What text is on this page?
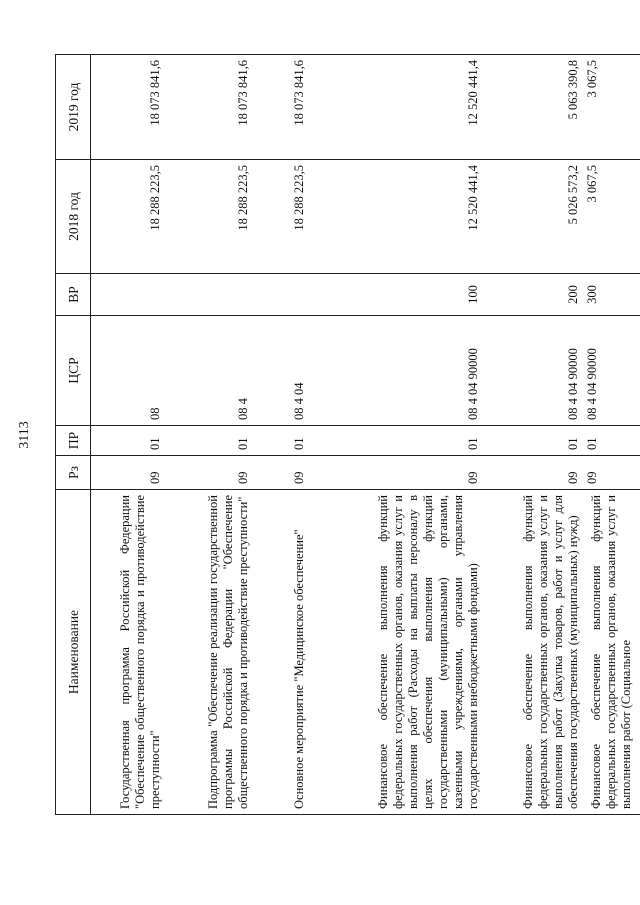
3113
Наименование	Рз	ПР	ЦСР	ВР	2018 год	2019 год
Государственная программа Российской Федерации "Обеспечение общественного порядка и противодействие преступности"	09	01	08		18 288 223,5	18 073 841,6
Подпрограмма "Обеспечение реализации государственной программы Российской Федерации "Обеспечение общественного порядка и противодействие преступности"	09	01	08 4		18 288 223,5	18 073 841,6
Основное мероприятие "Медицинское обеспечение"	09	01	08 4 04		18 288 223,5	18 073 841,6
Финансовое обеспечение выполнения функций федеральных государственных органов, оказания услуг и выполнения работ (Расходы на выплаты персоналу в целях обеспечения выполнения функций государственными (муниципальными) органами, казенными учреждениями, органами управления государственными внебюджетными фондами)	09	01	08 4 04 90000	100	12 520 441,4	12 520 441,4
Финансовое обеспечение выполнения функций федеральных государственных органов, оказания услуг и выполнения работ (Закупка товаров, работ и услуг для обеспечения государственных (муниципальных) нужд)	09	01	08 4 04 90000	200	5 026 573,2	5 063 390,8
Финансовое обеспечение выполнения функций федеральных государственных органов, оказания услуг и выполнения работ (Социальное	09	01	08 4 04 90000	300	3 067,5	3 067,5
